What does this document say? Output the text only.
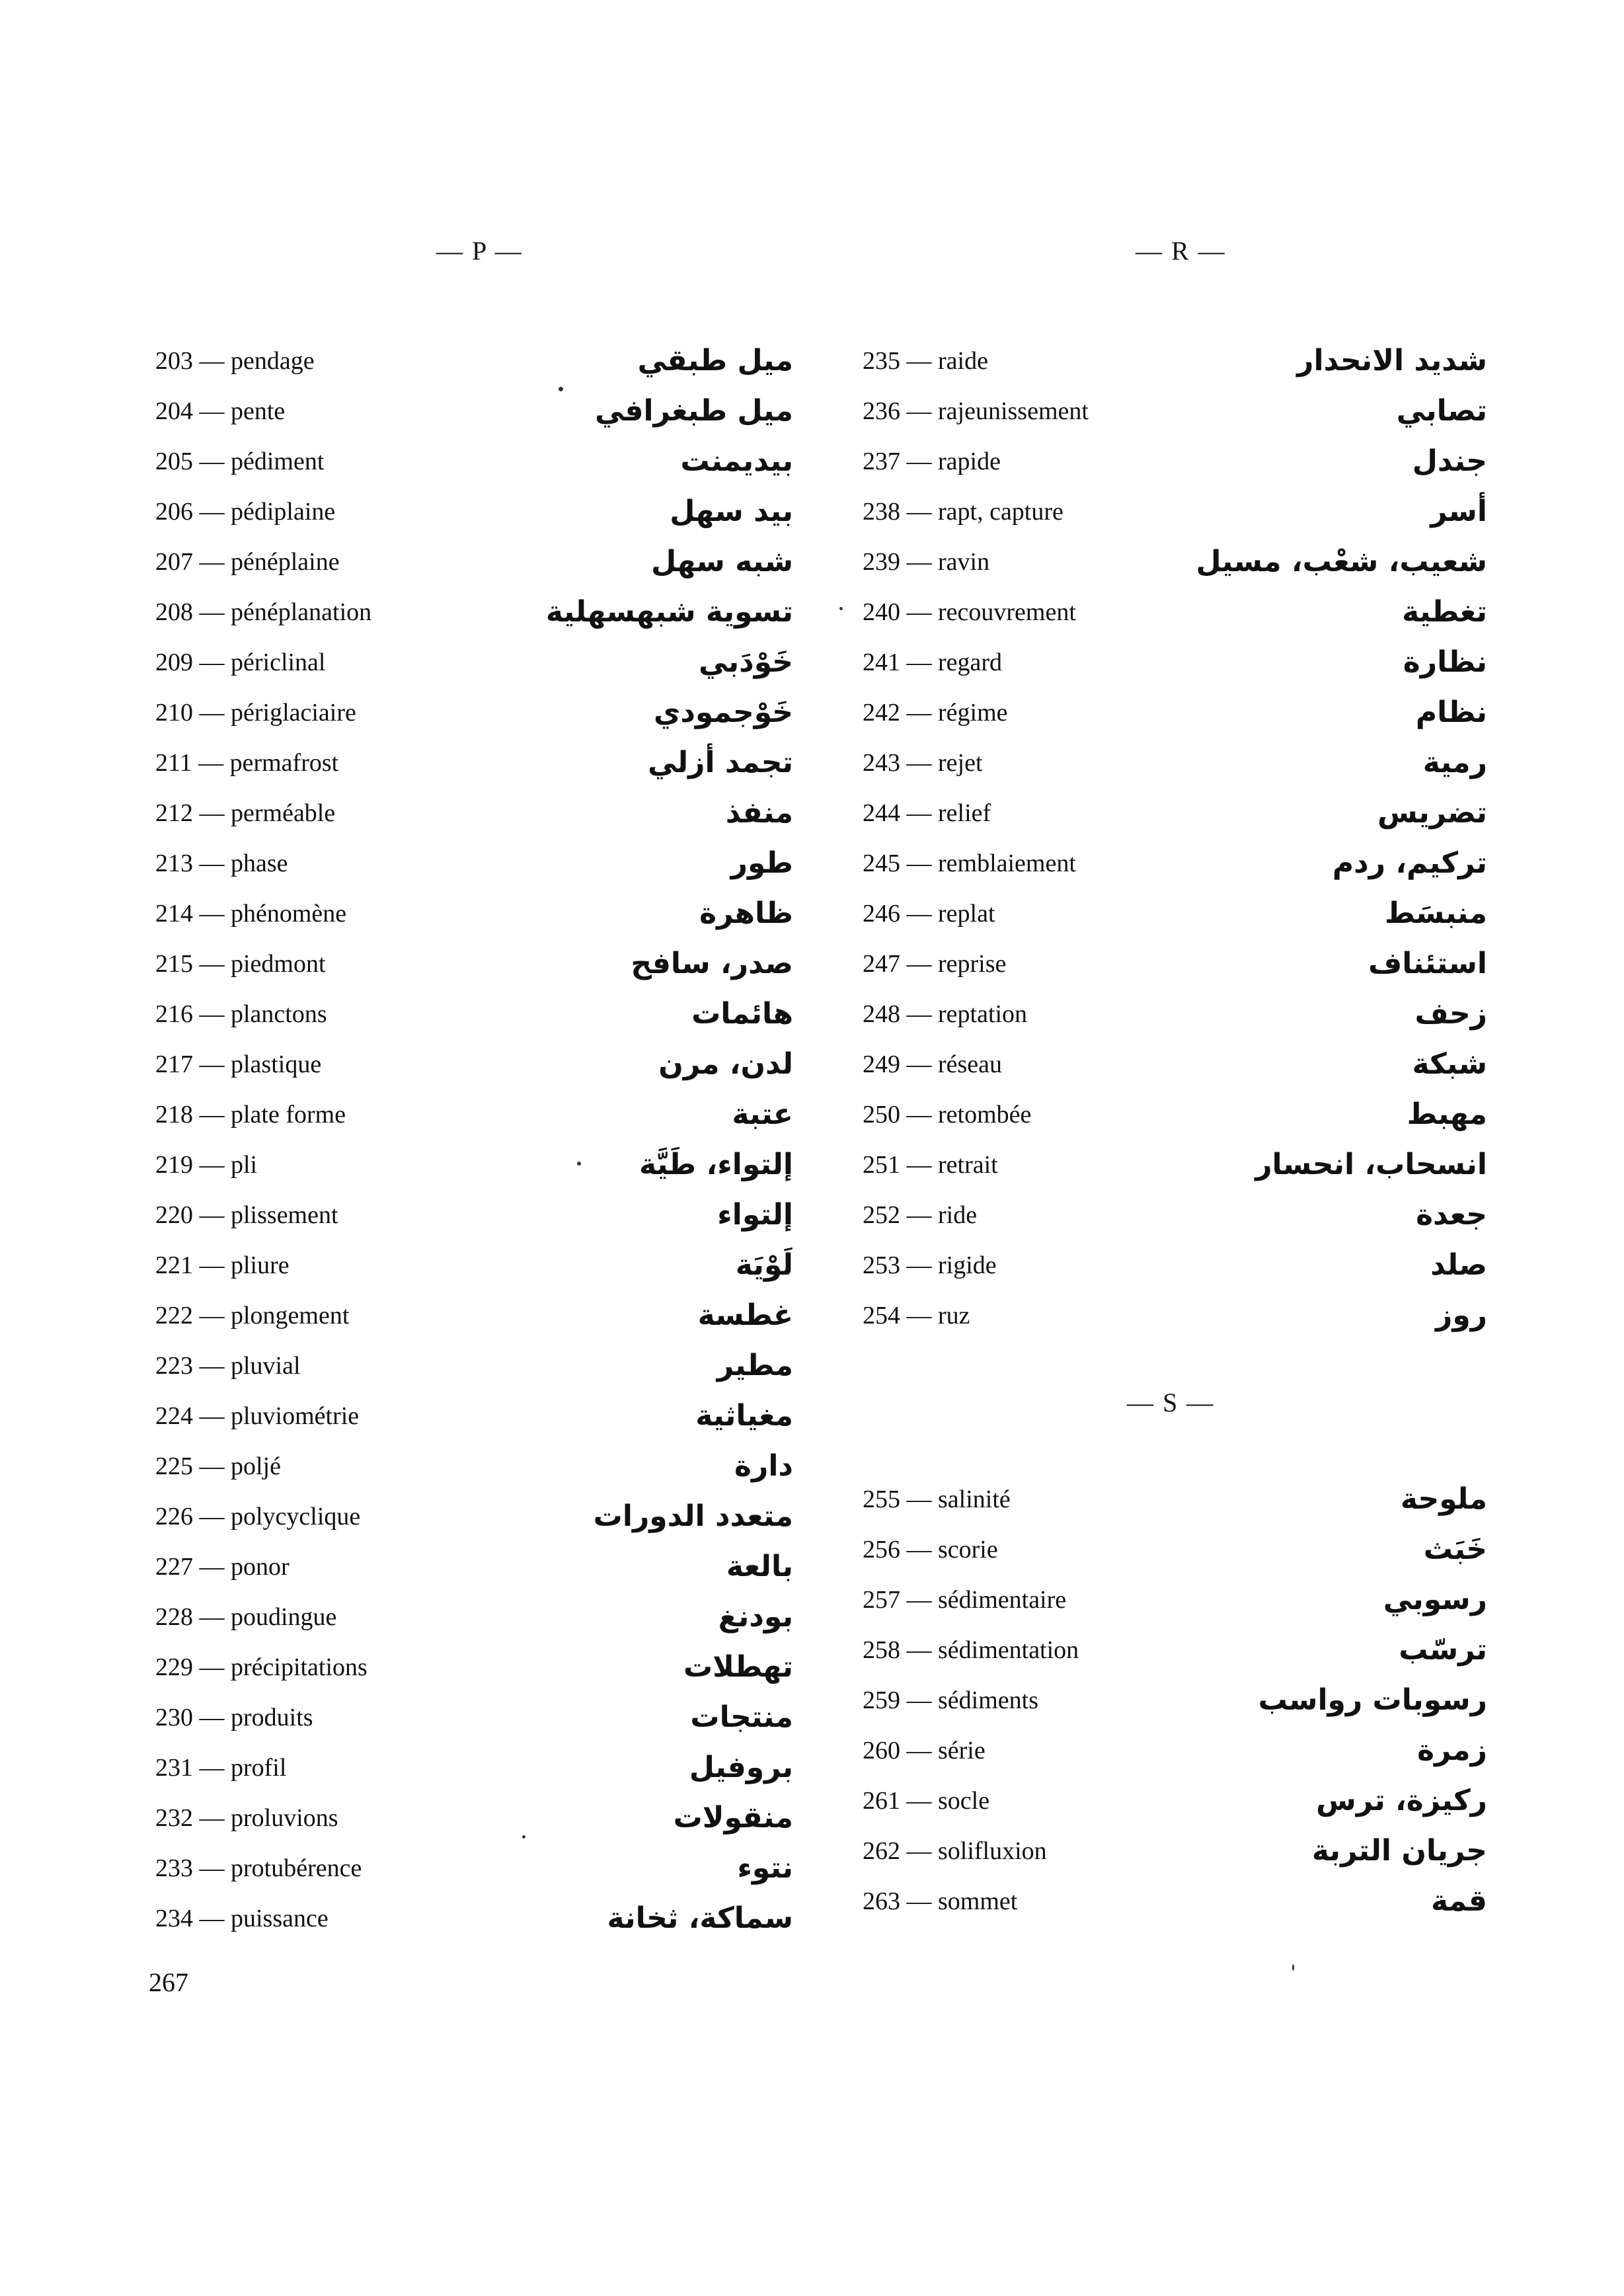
— P —	— R —
203 — pendage
204 — pente
205 — pédiment
206 — pédiplaine
207 — pénéplaine
208 — pénéplanation
209 — périclinal
210 — périglaciaire
211 — permafrost
212 — perméable
213 — phase
214 — phénomène
215 — piedmont
216 — planctons
217 — plastique
218 — plate forme
219 — pli
220 — plissement
221 — pliure
222 — plongement
223 — pluvial
224 — pluviométrie
225 — poljé
226 — polycyclique
227 — ponor
228 — poudingue
229 — précipitations
230 — produits
231 — profil
232 — proluvions
233 — protubérence
234 — puissance
ميل طبقي
ميل طبغرافي
بيديمنت
بيد سهل
شبه سهل
تسوية شبهسهلية
خَوْدَبي
خَوْجمودي
تجمد أزلي
منفذ
طور
ظاهرة
صدر، سافح
هائمات
لدن، مرن
عتبة
إلتواء، طَيَّة
إلتواء
لَوْيَة
غطسة
مطير
مغياثية
دارة
متعدد الدورات
بالعة
بودنغ
تهطلات
منتجات
بروفيل
منقولات
نتوء
سماكة، ثخانة
235 — raide
236 — rajeunissement
237 — rapide
238 — rapt, capture
239 — ravin
240 — recouvrement
241 — regard
242 — régime
243 — rejet
244 — relief
245 — remblaiement
246 — replat
247 — reprise
248 — reptation
249 — réseau
250 — retombée
251 — retrait
252 — ride
253 — rigide
254 — ruz
شديد الانحدار
تصابي
جندل
أسر
شعيب، شعْب، مسيل
تغطية
نظارة
نظام
رمية
تضريس
تركيم، ردم
منبسَط
استئناف
زحف
شبكة
مهبط
انسحاب، انحسار
جعدة
صلد
روز
— S —
255 — salinité
256 — scorie
257 — sédimentaire
258 — sédimentation
259 — sédiments
260 — série
261 — socle
262 — solifluxion
263 — sommet
ملوحة
خَبَث
رسوبي
ترسّب
رسوبات رواسب
زمرة
ركيزة، ترس
جريان التربة
قمة
267
